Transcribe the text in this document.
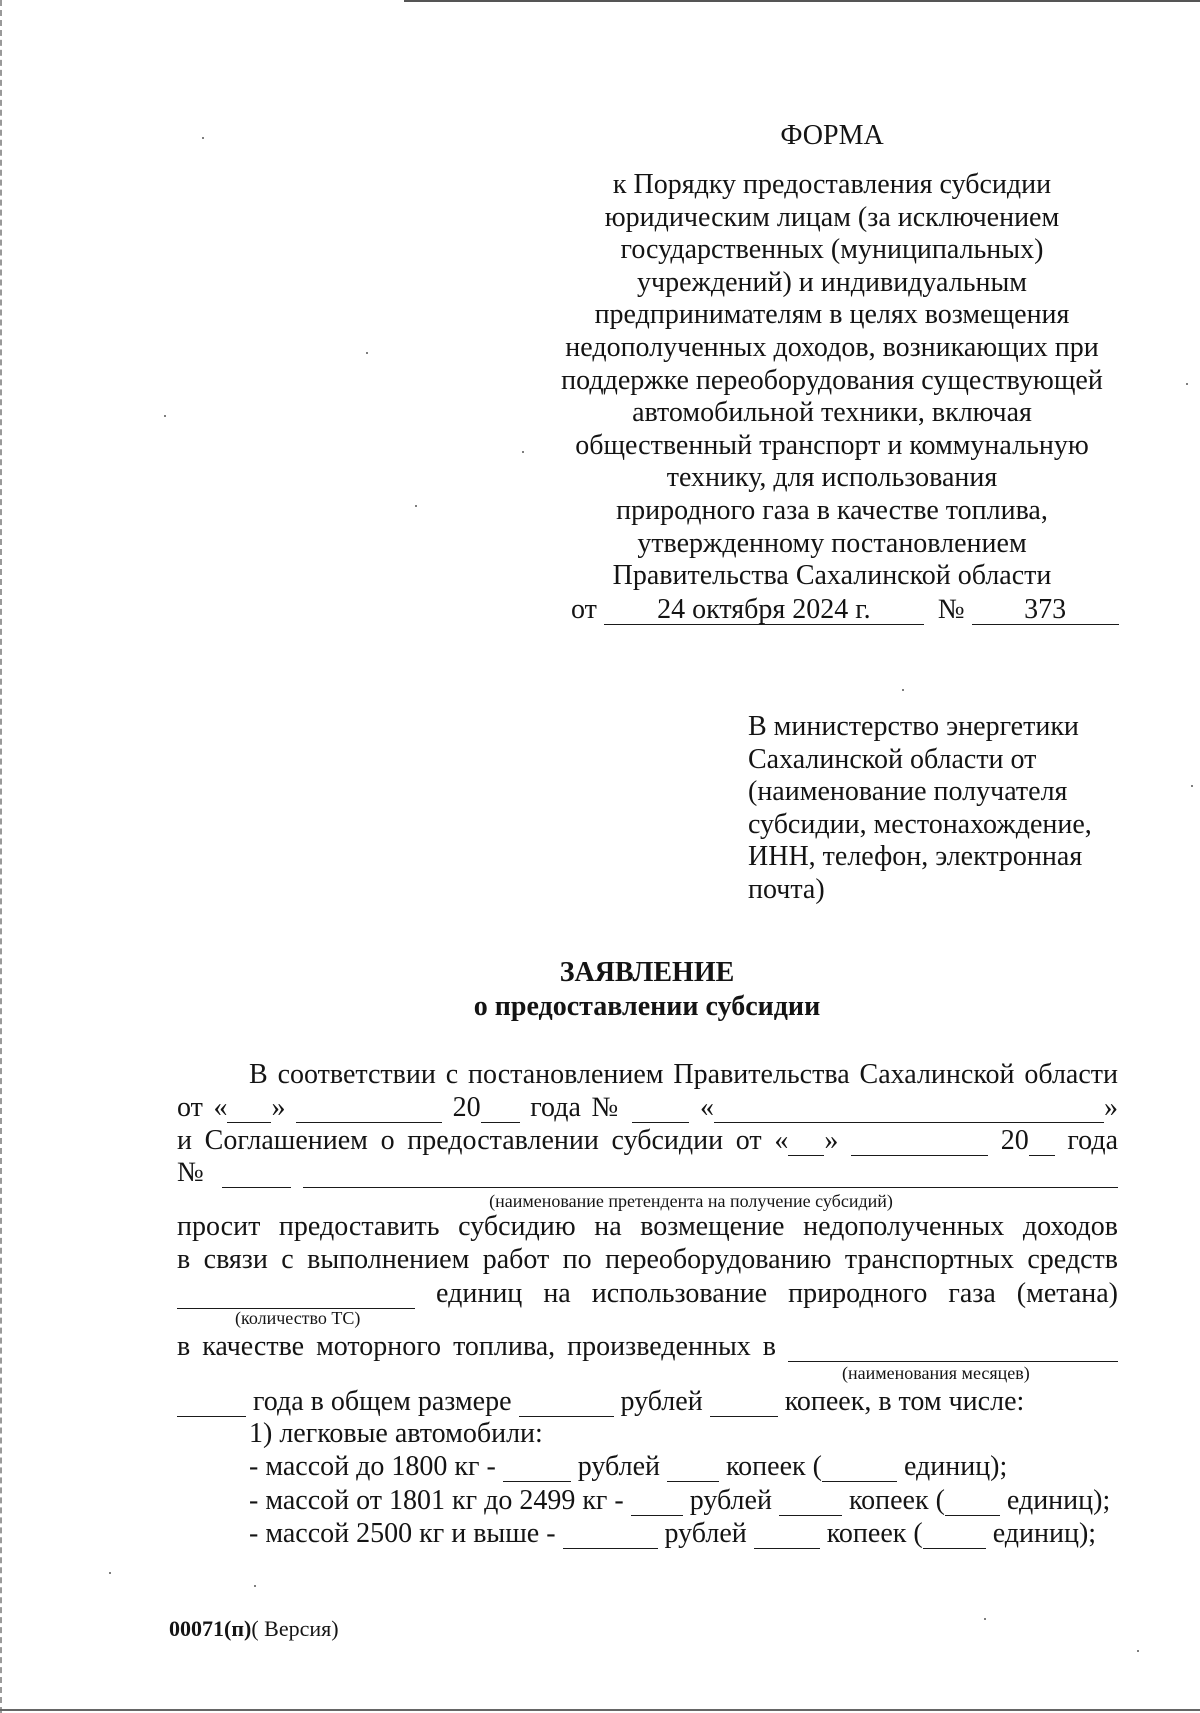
ФОРМА
к Порядку предоставления субсидии
юридическим лицам (за исключением
государственных (муниципальных)
учреждений) и индивидуальным
предпринимателям в целях возмещения
недополученных доходов, возникающих при
поддержке переоборудования существующей
автомобильной техники, включая
общественный транспорт и коммунальную
технику, для использования
природного газа в качестве топлива,
утвержденному постановлением
Правительства Сахалинской области
от 24 октября 2024 г. № 373
В министерство энергетики
Сахалинской области от
(наименование получателя
субсидии, местонахождение,
ИНН, телефон, электронная
почта)
ЗАЯВЛЕНИЕ
о предоставлении субсидии
В соответствии с постановлением Правительства Сахалинской области
от « »	20 года №	«	»
и Соглашением о предоставлении субсидии от « »	20 года
№
(наименование претендента на получение субсидий)
просит предоставить субсидию на возмещение недополученных доходов
в связи с выполнением работ по переоборудованию транспортных средств
единиц на использование природного газа (метана)
(количество ТС)
в качестве моторного топлива, произведенных в
(наименования месяцев)
года в общем размере	рублей	копеек, в том числе:
1) легковые автомобили:
- массой до 1800 кг -	рублей копеек (	единиц);
- массой от 1801 кг до 2499 кг - рублей	копеек ( единиц);
- массой 2500 кг и выше -	рублей	копеек (	единиц);
00071(п)( Версия)
